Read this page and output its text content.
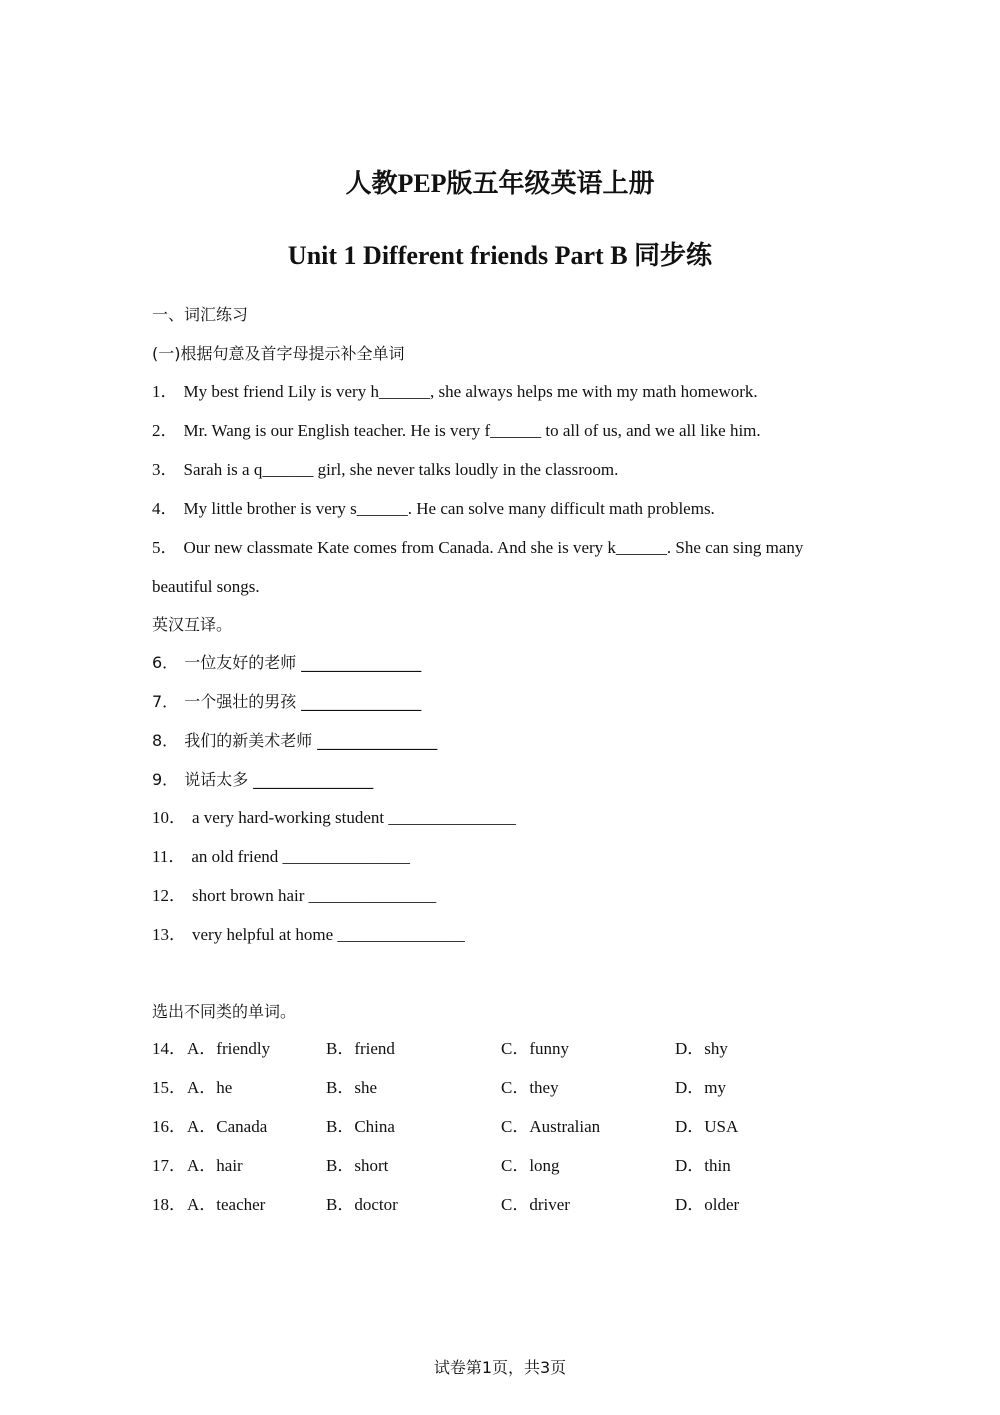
人教PEP版五年级英语上册
Unit 1 Different friends Part B 同步练
一、词汇练习
(一)根据句意及首字母提示补全单词
1． My best friend Lily is very h______, she always helps me with my math homework.
2． Mr. Wang is our English teacher. He is very f______ to all of us, and we all like him.
3． Sarah is a q______ girl, she never talks loudly in the classroom.
4． My little brother is very s______. He can solve many difficult math problems.
5． Our new classmate Kate comes from Canada. And she is very k______. She can sing many
beautiful songs.
英汉互译。
6． 一位友好的老师 _______________
7． 一个强壮的男孩 _______________
8． 我们的新美术老师 _______________
9． 说话太多 _______________
10． a very hard-working student _______________
11． an old friend _______________
12． short brown hair _______________
13． very helpful at home _______________
选出不同类的单词。
14． A．friendly	B．friend	C．funny	D．shy
15． A．he	B．she	C．they	D．my
16． A．Canada	B．China	C．Australian	D．USA
17． A．hair	B．short	C．long	D．thin
18． A．teacher	B．doctor	C．driver	D．older
试卷第1页，共3页
